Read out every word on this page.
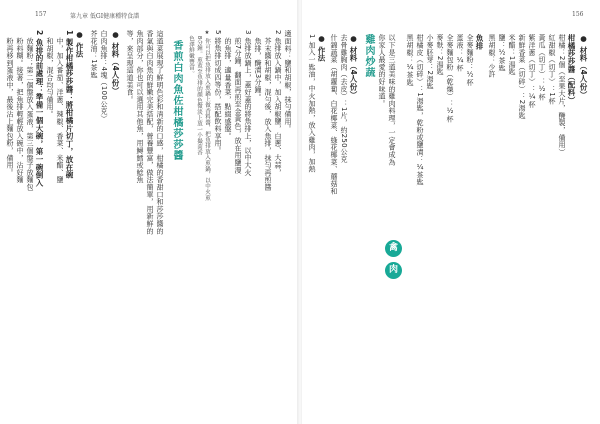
157	第九章 低GI健康種特食譜
適面料：鹽和胡椒，抹勻備用。
2 魚排放入鍋中，加入胡椒鹽，白蔥、大蒜，
　芥末醬和胡椒，混勻後，放入魚排，抹勻再煎醬
　魚排，醃漬3分鐘。
3 魚排放鍋上，蓋好蓋的將魚排上，以中大火
　煎7分鐘，翻面再煎至金黃色，放在用鹽漫
　的魚排，適量香菜，點綴盛盤。
5 將魚排切成四等份，搭配飲料享用。
★ 你可以把魚排放入煎鍋上做香料醬，把魚排放入煎鍋，以中火煎
　8分鐘。煎蓋至魚排的顏色微淡上放一小撮茴香
　色澤鮮嫩豐富。
香煎白肉魚佐柑橘莎莎醬
這道菜展現了鮮明色彩和清新的口感，柑橘的香甜口和莎莎醬的
香氣與白肉魚的鮮嫩完美搭配，營養豐富，做法簡單，用新鮮的
魚肉部分，你也可以選用其他魚，用鱘鱈或鯰魚
等，來呈現這道美食。
● 材料（4人份）
白肉魚排：4塊（100公克）
芥花油：1茶匙
● 作法
1 製作柑橘莎莎醬：將柑橘片切丁，放在碗
　中，加入番茄、洋蔥、辣椒、香菜、米醋、鹽
　和胡椒，混合均勻備用。
2 魚排的前處理：準備一個大碗，第一碗倒入
　放麵粉；第二個盤放入蛋液，第三個盤子放麵包
　粉料糊。接著，把魚排輕輕放入碗中，沾好麵
　粉再移到蛋液中，最後沾上麵包粉，備用。
156
● 材料（4人份）
柑橘莎莎醬（配料）
柑橘：2個（至果大片，醃製，備用）
紅甜椒（切丁）：1杯
黃瓜（切丁）：½杯
紫洋蔥（切丁）：¼杯
新鮮香菜（切碎）：2湯匙
米醋：1湯匙
鹽：½茶匙
黑胡椒：少許
魚排
全麥麵粉：½杯
蛋液：¼杯
全麥麵包粉（乾燥）：½杯
麥麩：2湯匙
小麥胚芽：2湯匙
柑橘皮（切碎）：1湯匙，乾粉或鹽漬：¼茶匙
黑胡椒：¼茶匙
禽
肉
以下是三道美味的雞肉料理，一定會成為
你家人最愛的好味道。
雞肉炒蔬
● 材料（4人份）
去骨雞胸肉（去皮）：1片，約250公克
什錦蔬菜（胡蘿蔔、白花椰菜、綠花椰菜、蘑菇和
● 作法
1 加入一匙油，中火加熱，放入雞肉，加熱
